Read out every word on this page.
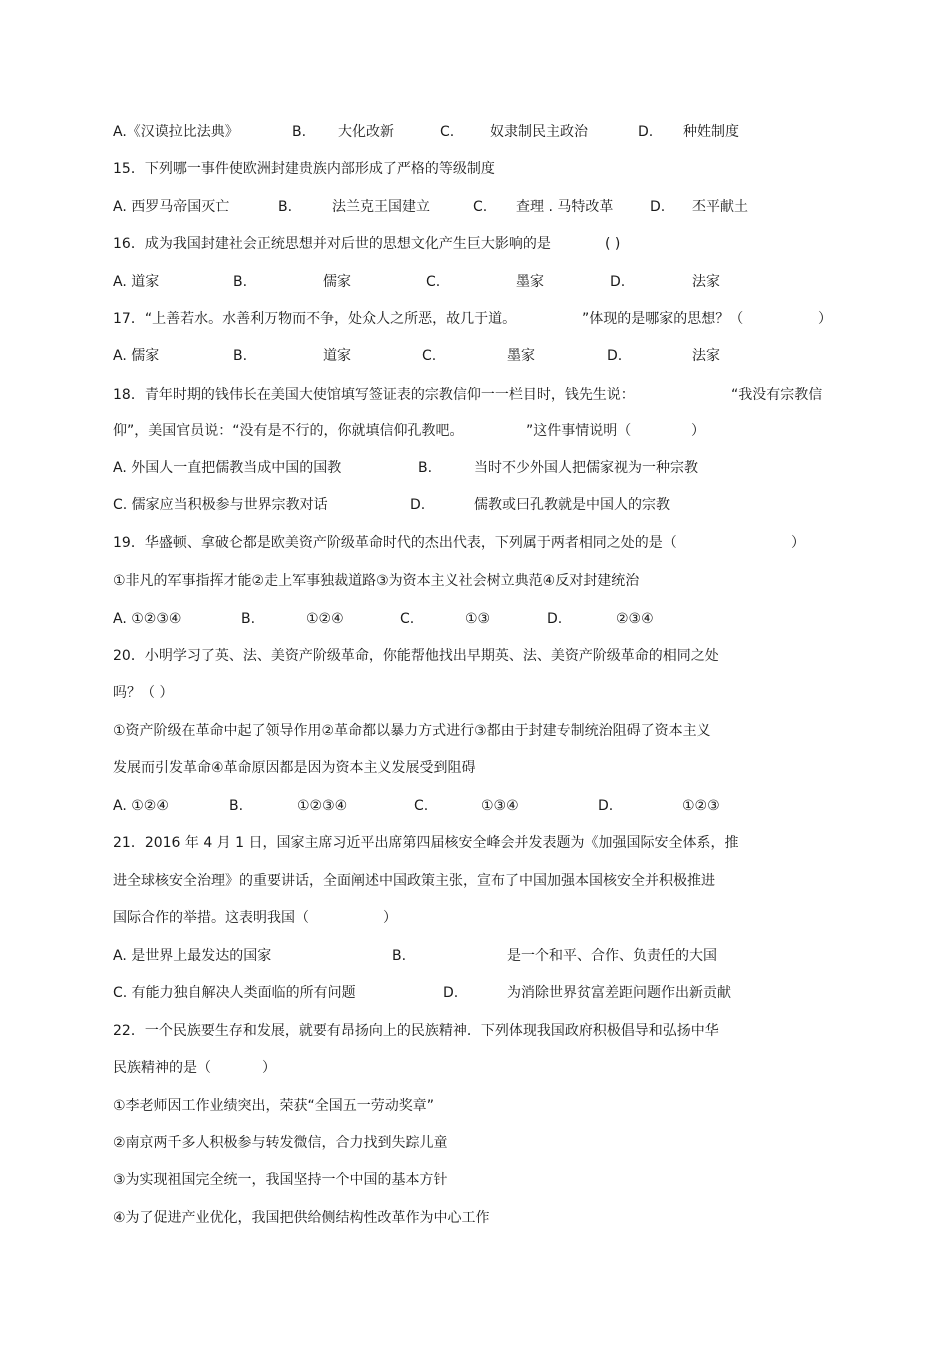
A.《汉谟拉比法典》	B. 大化改新	C.	奴隶制民主政治	D. 种姓制度
15．下列哪一事件使欧洲封建贵族内部形成了严格的等级制度
A. 西罗马帝国灭亡	B.	法兰克王国建立	C. 查理 . 马特改革	D. 丕平献土
16．成为我国封建社会正统思想并对后世的思想文化产生巨大影响的是	( )
A. 道家	B.	儒家	C.	墨家	D.	法家
17．“上善若水。水善利万物而不争，处众人之所恶，故几于道。	”体现的是哪家的思想？（	）
A. 儒家	B.	道家	C.	墨家	D.	法家
18．青年时期的钱伟长在美国大使馆填写签证表的宗教信仰一一栏目时，钱先生说：	“我没有宗教信
仰”，美国官员说：“没有是不行的，你就填信仰孔教吧。	”这件事情说明（	）
A. 外国人一直把儒教当成中国的国教	B.	当时不少外国人把儒家视为一种宗教
C. 儒家应当积极参与世界宗教对话	D.	儒教或曰孔教就是中国人的宗教
19．华盛顿、拿破仑都是欧美资产阶级革命时代的杰出代表，下列属于两者相同之处的是（	）
①非凡的军事指挥才能②走上军事独裁道路③为资本主义社会树立典范④反对封建统治
A. ①②③④	B.	①②④	C.	①③	D.	②③④
20．小明学习了英、法、美资产阶级革命，你能帮他找出早期英、法、美资产阶级革命的相同之处
吗？（ ）
①资产阶级在革命中起了领导作用②革命都以暴力方式进行③都由于封建专制统治阻碍了资本主义
发展而引发革命④革命原因都是因为资本主义发展受到阻碍
A. ①②④	B.	①②③④	C.	①③④	D.	①②③
21．2016 年 4 月 1 日，国家主席习近平出席第四届核安全峰会并发表题为《加强国际安全体系，推
进全球核安全治理》的重要讲话，全面阐述中国政策主张，宣布了中国加强本国核安全并积极推进
国际合作的举措。这表明我国（	）
A. 是世界上最发达的国家	B.	是一个和平、合作、负责任的大国
C. 有能力独自解决人类面临的所有问题	D.	为消除世界贫富差距问题作出新贡献
22．一个民族要生存和发展，就要有昂扬向上的民族精神．下列体现我国政府积极倡导和弘扬中华
民族精神的是（	）
①李老师因工作业绩突出，荣获“全国五一劳动奖章”
②南京两千多人积极参与转发微信，合力找到失踪儿童
③为实现祖国完全统一，我国坚持一个中国的基本方针
④为了促进产业优化，我国把供给侧结构性改革作为中心工作
